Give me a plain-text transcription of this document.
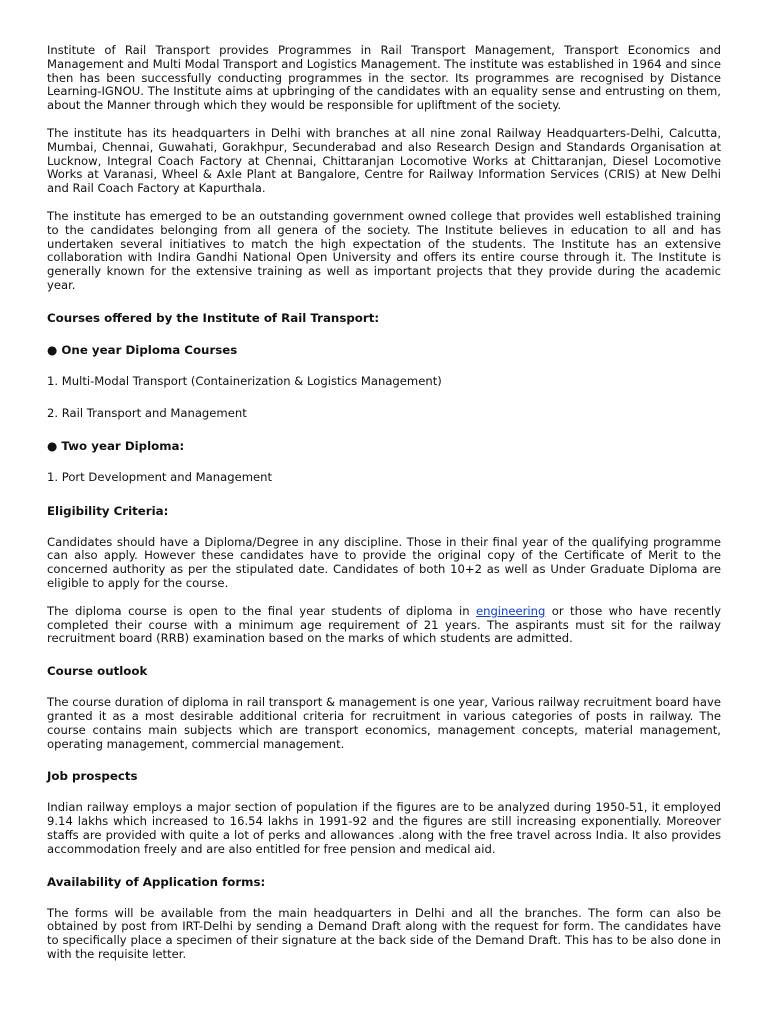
Institute of Rail Transport provides Programmes in Rail Transport Management, Transport Economics and Management and Multi Modal Transport and Logistics Management. The institute was established in 1964 and since then has been successfully conducting programmes in the sector. Its programmes are recognised by Distance Learning-IGNOU. The Institute aims at upbringing of the candidates with an equality sense and entrusting on them, about the Manner through which they would be responsible for upliftment of the society.

The institute has its headquarters in Delhi with branches at all nine zonal Railway Headquarters-Delhi, Calcutta, Mumbai, Chennai, Guwahati, Gorakhpur, Secunderabad and also Research Design and Standards Organisation at Lucknow, Integral Coach Factory at Chennai, Chittaranjan Locomotive Works at Chittaranjan, Diesel Locomotive Works at Varanasi, Wheel & Axle Plant at Bangalore, Centre for Railway Information Services (CRIS) at New Delhi and Rail Coach Factory at Kapurthala.

The institute has emerged to be an outstanding government owned college that provides well established training to the candidates belonging from all genera of the society. The Institute believes in education to all and has undertaken several initiatives to match the high expectation of the students. The Institute has an extensive collaboration with Indira Gandhi National Open University and offers its entire course through it. The Institute is generally known for the extensive training as well as important projects that they provide during the academic year.

Courses offered by the Institute of Rail Transport:

● One year Diploma Courses

1. Multi-Modal Transport (Containerization & Logistics Management)

2. Rail Transport and Management

● Two year Diploma:

1. Port Development and Management

Eligibility Criteria:

Candidates should have a Diploma/Degree in any discipline. Those in their final year of the qualifying programme can also apply. However these candidates have to provide the original copy of the Certificate of Merit to the concerned authority as per the stipulated date. Candidates of both 10+2 as well as Under Graduate Diploma are eligible to apply for the course.

The diploma course is open to the final year students of diploma in engineering or those who have recently completed their course with a minimum age requirement of 21 years. The aspirants must sit for the railway recruitment board (RRB) examination based on the marks of which students are admitted.

Course outlook

The course duration of diploma in rail transport & management is one year, Various railway recruitment board have granted it as a most desirable additional criteria for recruitment in various categories of posts in railway. The course contains main subjects which are transport economics, management concepts, material management, operating management, commercial management.

Job prospects

Indian railway employs a major section of population if the figures are to be analyzed during 1950-51, it employed 9.14 lakhs which increased to 16.54 lakhs in 1991-92 and the figures are still increasing exponentially. Moreover staffs are provided with quite a lot of perks and allowances .along with the free travel across India. It also provides accommodation freely and are also entitled for free pension and medical aid.

Availability of Application forms:

The forms will be available from the main headquarters in Delhi and all the branches. The form can also be obtained by post from IRT-Delhi by sending a Demand Draft along with the request for form. The candidates have to specifically place a specimen of their signature at the back side of the Demand Draft. This has to be also done in with the requisite letter.
